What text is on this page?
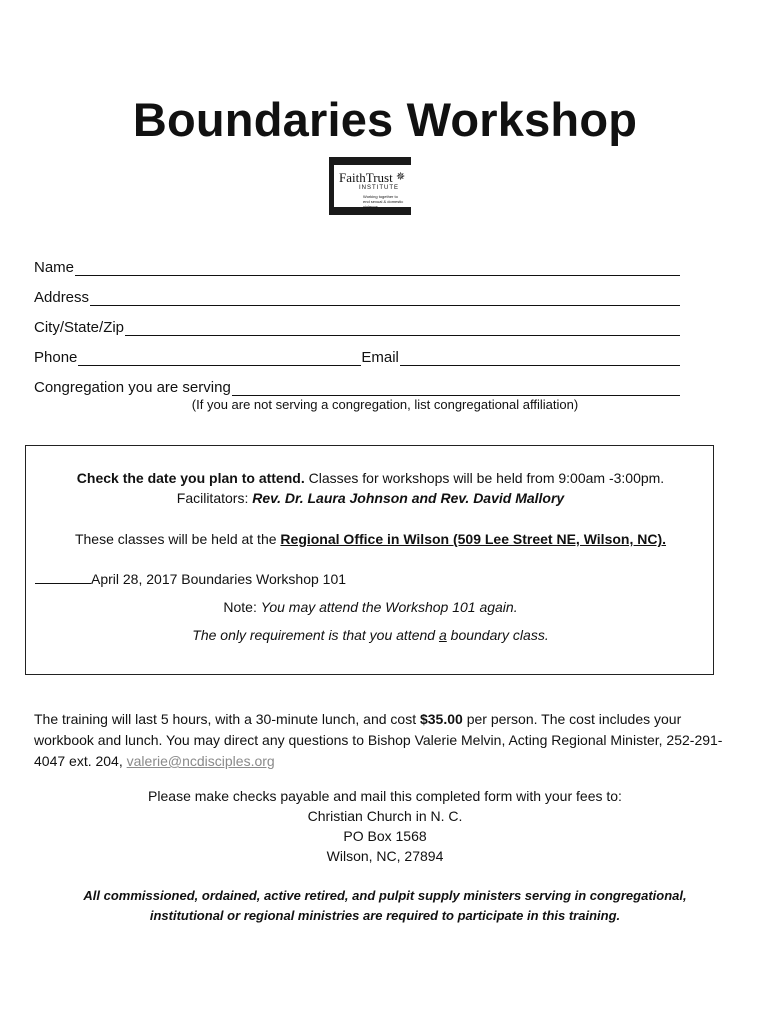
Boundaries Workshop
FaithTrust ✵
INSTITUTE
Working together to end sexual & domestic violence
Name
Address
City/State/Zip
Phone	Email
Congregation you are serving
(If you are not serving a congregation, list congregational affiliation)
Check the date you plan to attend. Classes for workshops will be held from 9:00am -3:00pm.
Facilitators: Rev. Dr. Laura Johnson and Rev. David Mallory
These classes will be held at the Regional Office in Wilson (509 Lee Street NE, Wilson, NC).
April 28, 2017 Boundaries Workshop 101
Note: You may attend the Workshop 101 again.
The only requirement is that you attend a boundary class.
The training will last 5 hours, with a 30-minute lunch, and cost $35.00 per person. The cost includes your workbook and lunch. You may direct any questions to Bishop Valerie Melvin, Acting Regional Minister, 252-291-4047 ext. 204, valerie@ncdisciples.org
Please make checks payable and mail this completed form with your fees to:
Christian Church in N. C.
PO Box 1568
Wilson, NC, 27894
All commissioned, ordained, active retired, and pulpit supply ministers serving in congregational,
institutional or regional ministries are required to participate in this training.
